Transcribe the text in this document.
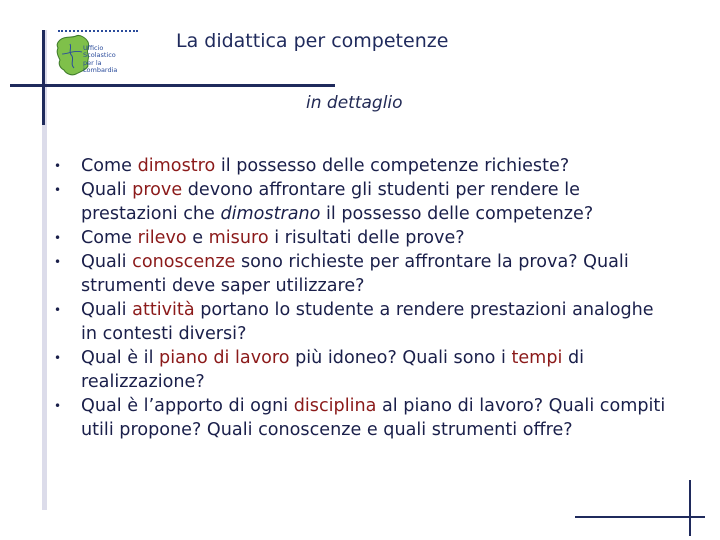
Ufficio
Scolastico
per la
Lombardia
La didattica per competenze
in dettaglio
• Come dimostro il possesso delle competenze richieste?
• Quali prove devono affrontare gli studenti per rendere le prestazioni che dimostrano il possesso delle competenze?
• Come rilevo e misuro i risultati delle prove?
• Quali conoscenze sono richieste per affrontare la prova? Quali strumenti deve saper utilizzare?
• Quali attività portano lo studente a rendere prestazioni analoghe in contesti diversi?
• Qual è il piano di lavoro più idoneo? Quali sono i tempi di realizzazione?
• Qual è l’apporto di ogni disciplina al piano di lavoro? Quali compiti utili propone? Quali conoscenze e quali strumenti offre?
